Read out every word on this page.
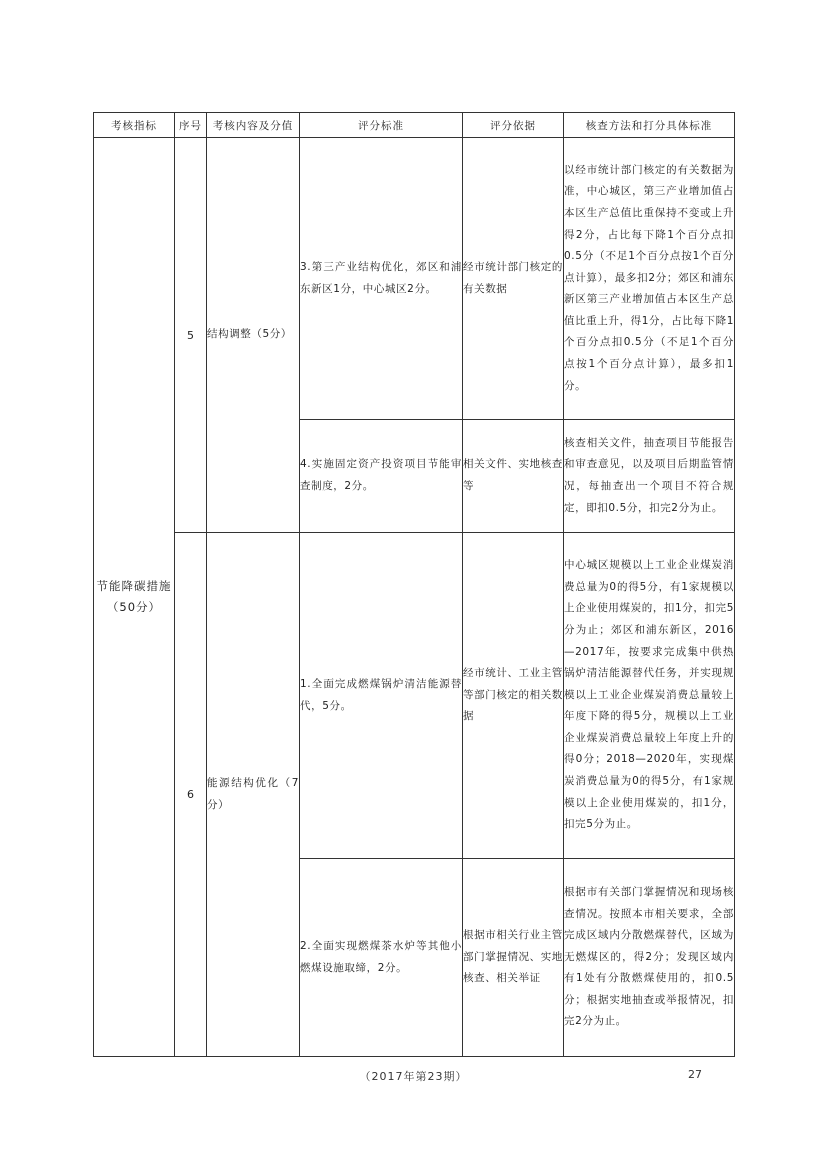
考核指标	序号	考核内容及分值	评分标准	评分依据	核查方法和打分具体标准

节能降碳措施
（50分）	5	结构调整（5分）	3.第三产业结构优化，郊区和浦东新区1分，中心城区2分。	经市统计部门核定的有关数据	以经市统计部门核定的有关数据为准，中心城区，第三产业增加值占本区生产总值比重保持不变或上升得2分，占比每下降1个百分点扣0.5分（不足1个百分点按1个百分点计算），最多扣2分；郊区和浦东新区第三产业增加值占本区生产总值比重上升，得1分，占比每下降1个百分点扣0.5分（不足1个百分点按1个百分点计算），最多扣1分。
			4.实施固定资产投资项目节能审查制度，2分。	相关文件、实地核查等	核查相关文件，抽查项目节能报告和审查意见，以及项目后期监管情况，每抽查出一个项目不符合规定，即扣0.5分，扣完2分为止。
	6	能源结构优化（7分）	1.全面完成燃煤锅炉清洁能源替代，5分。	经市统计、工业主管等部门核定的相关数据	中心城区规模以上工业企业煤炭消费总量为0的得5分，有1家规模以上企业使用煤炭的，扣1分，扣完5分为止；郊区和浦东新区，2016—2017年，按要求完成集中供热锅炉清洁能源替代任务，并实现规模以上工业企业煤炭消费总量较上年度下降的得5分，规模以上工业企业煤炭消费总量较上年度上升的得0分；2018—2020年，实现煤炭消费总量为0的得5分，有1家规模以上企业使用煤炭的，扣1分，扣完5分为止。
			2.全面实现燃煤茶水炉等其他小燃煤设施取缔，2分。	根据市相关行业主管部门掌握情况、实地核查、相关举证	根据市有关部门掌握情况和现场核查情况。按照本市相关要求，全部完成区域内分散燃煤替代，区域为无燃煤区的，得2分；发现区域内有1处有分散燃煤使用的，扣0.5分；根据实地抽查或举报情况，扣完2分为止。
（2017年第23期）	27
